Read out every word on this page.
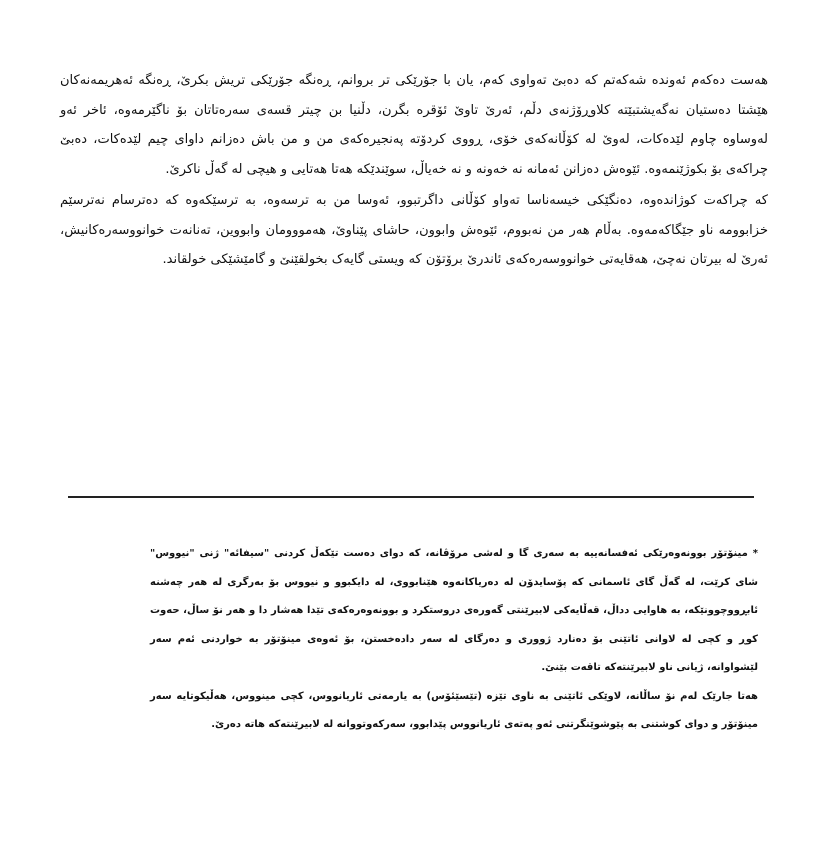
هەست دەکەم ئەوندە شەکەتم کە دەبێ تەواوی کەم، یان با جۆرێکی تر بروانم، ڕەنگە جۆرێکی تریش بکرێ، ڕەنگە ئەهریمەنەکان هێشتا دەستیان نەگەیشتبێتە کلاوڕۆژنەی دڵم، ئەرێ تاوێ ئۆقرە بگرن، دڵنیا بن چیتر قسەی سەرەتاتان بۆ ناگێرمەوە، ئاخر ئەو لەوساوە چاوم لێدەکات، لەوێ لە کۆڵانەکەی خۆی، ڕووی کردۆتە پەنجیرەکەی من و من باش دەزانم داوای چیم لێدەکات، دەبێ چراکەی بۆ بکوژێنمەوە. ئێوەش دەزانن ئەمانە نە خەونە و نە خەیاڵ، سوێندێکە هەتا هەتایی و هیچی لە گەڵ ناکرێ.

کە چراکەت کوژاندەوە، دەنگێکی خیسەناسا تەواو کۆڵانی داگرتبوو، ئەوسا من بە ترسەوە، بە ترسێکەوە کە دەترسام نەترسێم خزابوومە ناو جێگاکەمەوە. بەڵام هەر من نەبووم، ئێوەش وابوون، حاشای پێناوێ، هەمووومان وابووین، تەنانەت خوانووسەرەکانیش، ئەرێ لە بیرتان نەچێ، هەقایەتی خوانووسەرەکەی ئاندرێ برۆتۆن کە ویستی گایەک بخولقێنێ و گامێشێکی خولقاند.

* مینۆتۆر بوونەوەرێکی ئەفسانەییە بە سەری گا و لەشی مرۆڤانە، کە دوای دەست تێکەڵ کردنی "سیفائە" ژنی "نیووس" شای کرێت، لە گەڵ گای ئاسمانی کە پۆسایدۆن لە دەریاکانەوە هێنابووی، لە دایکبوو و نیووس بۆ بەرگری لە هەر چەشنە ئابڕووچوونێکە، بە هاوایی دداڵ، قەڵایەکی لابیرێنتی گەورەی دروستکرد و بوونەوەرەکەی تێدا هەشار دا و هەر نۆ ساڵ، حەوت کوڕ و کچی لە لاوانی ئاتێنی بۆ دەنارد ژووری و دەرگای لە سەر دادەخستن، بۆ ئەوەی مینۆتۆر بە خواردنی ئەم سەر لێشواوانە، ژیانی ناو لابیرێنتەکە تاقەت بێنێ.

هەتا جارێک لەم نۆ ساڵانە، لاوێکی ئاتێنی بە ناوی تێزە (تێسێئۆس) بە یارمەتی ئاریانووس، کچی مینووس، هەڵیکوتایە سەر مینۆتۆر و دوای کوشتنی بە پێوشوێنگرتنی ئەو پەتەی ئاریانووس پێدابوو، سەرکەوتووانە لە لابیرێنتەکە هاتە دەرێ.
